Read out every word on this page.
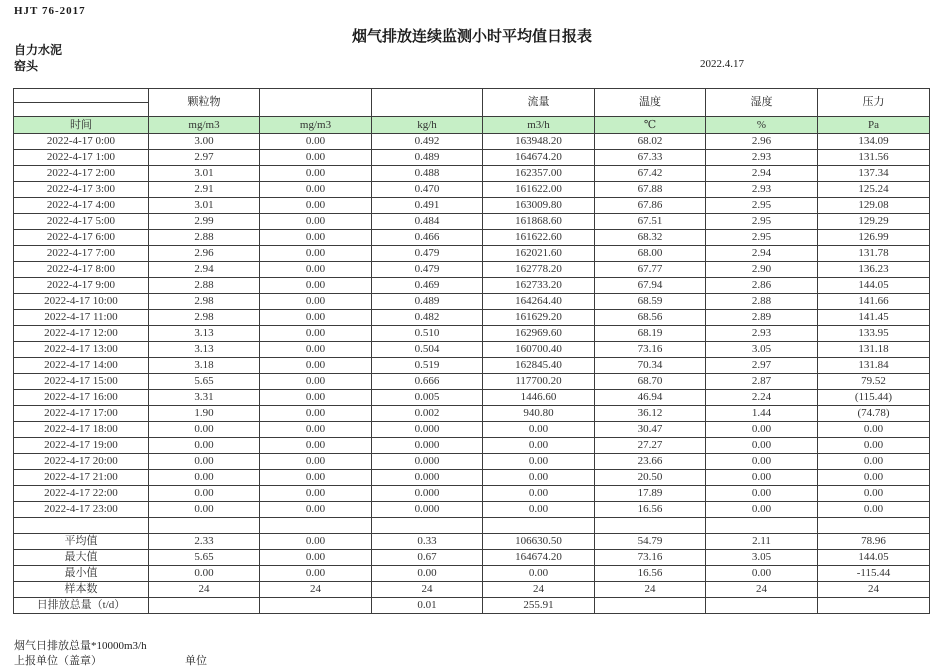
HJT 76-2017
烟气排放连续监测小时平均值日报表
自力水泥
窑头	2022.4.17
	颗粒物			流量	温度	湿度	压力

时间	mg/m3	mg/m3	kg/h	m3/h	℃	%	Pa
2022-4-17 0:00	3.00	0.00	0.492	163948.20	68.02	2.96	134.09
2022-4-17 1:00	2.97	0.00	0.489	164674.20	67.33	2.93	131.56
2022-4-17 2:00	3.01	0.00	0.488	162357.00	67.42	2.94	137.34
2022-4-17 3:00	2.91	0.00	0.470	161622.00	67.88	2.93	125.24
2022-4-17 4:00	3.01	0.00	0.491	163009.80	67.86	2.95	129.08
2022-4-17 5:00	2.99	0.00	0.484	161868.60	67.51	2.95	129.29
2022-4-17 6:00	2.88	0.00	0.466	161622.60	68.32	2.95	126.99
2022-4-17 7:00	2.96	0.00	0.479	162021.60	68.00	2.94	131.78
2022-4-17 8:00	2.94	0.00	0.479	162778.20	67.77	2.90	136.23
2022-4-17 9:00	2.88	0.00	0.469	162733.20	67.94	2.86	144.05
2022-4-17 10:00	2.98	0.00	0.489	164264.40	68.59	2.88	141.66
2022-4-17 11:00	2.98	0.00	0.482	161629.20	68.56	2.89	141.45
2022-4-17 12:00	3.13	0.00	0.510	162969.60	68.19	2.93	133.95
2022-4-17 13:00	3.13	0.00	0.504	160700.40	73.16	3.05	131.18
2022-4-17 14:00	3.18	0.00	0.519	162845.40	70.34	2.97	131.84
2022-4-17 15:00	5.65	0.00	0.666	117700.20	68.70	2.87	79.52
2022-4-17 16:00	3.31	0.00	0.005	1446.60	46.94	2.24	(115.44)
2022-4-17 17:00	1.90	0.00	0.002	940.80	36.12	1.44	(74.78)
2022-4-17 18:00	0.00	0.00	0.000	0.00	30.47	0.00	0.00
2022-4-17 19:00	0.00	0.00	0.000	0.00	27.27	0.00	0.00
2022-4-17 20:00	0.00	0.00	0.000	0.00	23.66	0.00	0.00
2022-4-17 21:00	0.00	0.00	0.000	0.00	20.50	0.00	0.00
2022-4-17 22:00	0.00	0.00	0.000	0.00	17.89	0.00	0.00
2022-4-17 23:00	0.00	0.00	0.000	0.00	16.56	0.00	0.00

平均值	2.33	0.00	0.33	106630.50	54.79	2.11	78.96
最大值	5.65	0.00	0.67	164674.20	73.16	3.05	144.05
最小值	0.00	0.00	0.00	0.00	16.56	0.00	-115.44
样本数	24	24	24	24	24	24	24
日排放总量（t/d）			0.01	255.91			
烟气日排放总量*10000m3/h
上报单位（盖章）	单位
